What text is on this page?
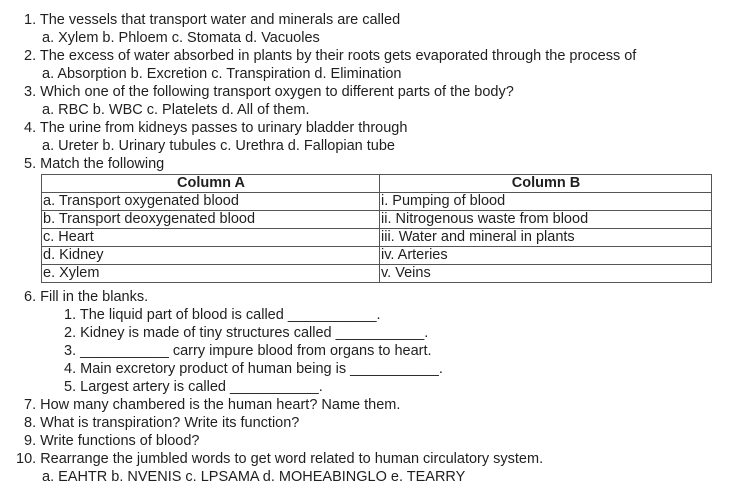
1. The vessels that transport water and minerals are called
a. Xylem b. Phloem c. Stomata d. Vacuoles
2. The excess of water absorbed in plants by their roots gets evaporated through the process of
a. Absorption b. Excretion c. Transpiration d. Elimination
3. Which one of the following transport oxygen to different parts of the body?
a. RBC b. WBC c. Platelets d. All of them.
4. The urine from kidneys passes to urinary bladder through
a. Ureter b. Urinary tubules c. Urethra d. Fallopian tube
5. Match the following
Column A	Column B
a. Transport oxygenated blood	i. Pumping of blood
b. Transport deoxygenated blood	ii. Nitrogenous waste from blood
c. Heart	iii. Water and mineral in plants
d. Kidney	iv. Arteries
e. Xylem	v. Veins
6. Fill in the blanks.
1. The liquid part of blood is called ___________.
2. Kidney is made of tiny structures called ___________.
3. ___________ carry impure blood from organs to heart.
4. Main excretory product of human being is ___________.
5. Largest artery is called ___________.
7. How many chambered is the human heart? Name them.
8. What is transpiration? Write its function?
9. Write functions of blood?
10. Rearrange the jumbled words to get word related to human circulatory system.
a. EAHTR b. NVENIS c. LPSAMA d. MOHEABINGLO e. TEARRY
